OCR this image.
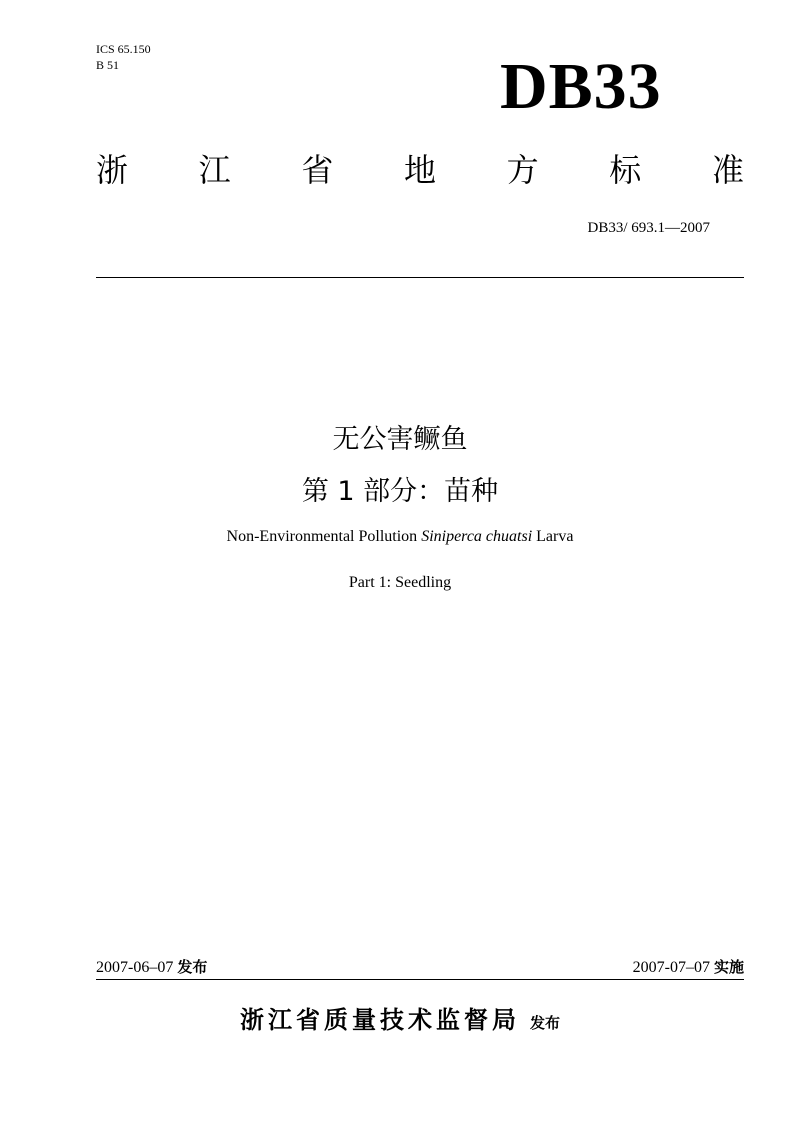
ICS 65.150
B 51	DB33
浙 江 省 地 方 标 准
DB33/ 693.1—2007
无公害鳜鱼
第 1 部分：苗种
Non-Environmental Pollution Siniperca chuatsi Larva
Part 1: Seedling
2007-06–07 发布	2007-07–07 实施
浙江省质量技术监督局 发布
